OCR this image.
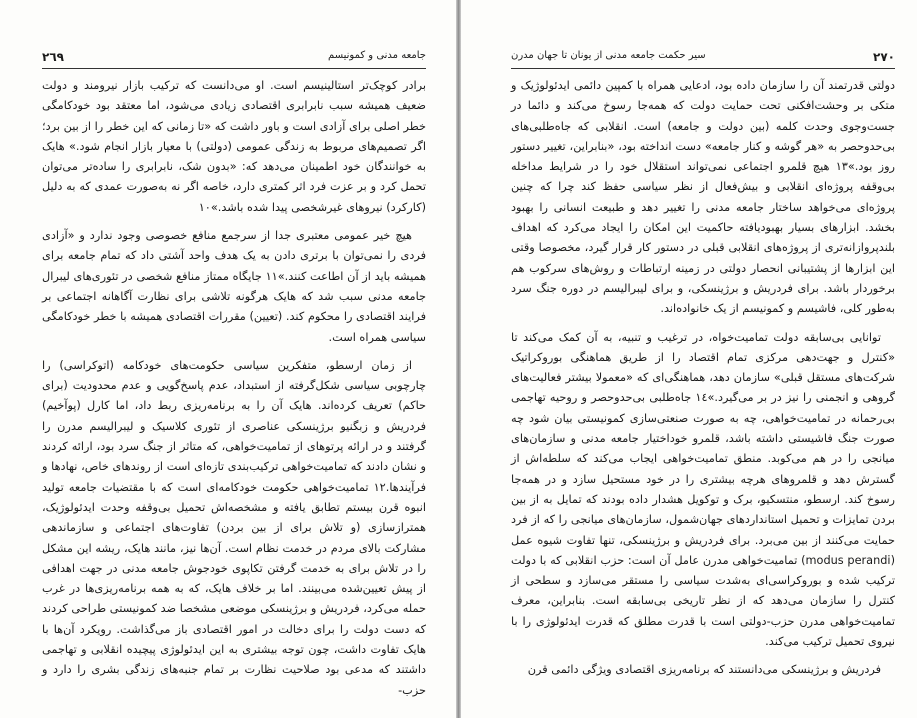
٢٦٩	جامعه مدنی و کمونیسم

برادر کوچک‌تر استالینیسم است. او می‌دانست که ترکیب بازار نیرومند و دولت ضعیف همیشه سبب نابرابری اقتصادی زیادی می‌شود، اما معتقد بود خودکامگی خطر اصلی برای آزادی است و باور داشت که «تا زمانی که این خطر را از بین برد؛ اگر تصمیم‌های مربوط به زندگی عمومی (دولتی) با معیار بازار انجام شود.» هایک به خوانندگان خود اطمینان می‌دهد که: «بدون شک، نابرابری را ساده‌تر می‌توان تحمل کرد و بر عزت فرد اثر کمتری دارد، خاصه اگر نه به‌صورت عمدی که به دلیل (کارکرد) نیروهای غیرشخصی پیدا شده باشد.»١٠

هیچ خیر عمومی معتبری جدا از سرجمع منافع خصوصی وجود ندارد و «آزادی فردی را نمی‌توان با برتری دادن به یک هدف واحد آشتی داد که تمام جامعه برای همیشه باید از آن اطاعت کنند.»١١ جایگاه ممتاز منافع شخصی در تئوری‌های لیبرال جامعه مدنی سبب شد که هایک هرگونه تلاشی برای نظارت آگاهانه اجتماعی بر فرایند اقتصادی را محکوم کند. (تعیین) مقررات اقتصادی همیشه با خطر خودکامگی سیاسی همراه است.

از زمان ارسطو، متفکرین سیاسی حکومت‌های خودکامه (اتوکراسی) را چارچوبی سیاسی شکل‌گرفته از استبداد، عدم پاسخ‌گویی و عدم محدودیت (برای حاکم) تعریف کرده‌اند. هایک آن را به برنامه‌ریزی ربط داد، اما کارل (پوآخیم) فردریش و زبگنیو برژینسکی عناصری از تئوری کلاسیک و لیبرالیسم مدرن را گرفتند و در ارائه پرتوهای از تمامیت‌خواهی، که متاثر از جنگ سرد بود، ارائه کردند و نشان دادند که تمامیت‌خواهی ترکیب‌بندی تازه‌ای است از روندهای خاص، نهادها و فرآیندها.١٢ تمامیت‌خواهی حکومت خودکامه‌ای است که با مقتضیات جامعه تولید انبوه قرن بیستم تطابق یافته و مشخصه‌اش تحمیل بی‌وقفه وحدت ایدئولوژیک، همترازسازی (و تلاش برای از بین بردن) تفاوت‌های اجتماعی و سازماندهی مشارکت بالای مردم در خدمت نظام است. آن‌ها نیز، مانند هایک، ریشه این مشکل را در تلاش برای به خدمت گرفتن تکاپوی خودجوش جامعه مدنی در جهت اهدافی از پیش تعیین‌شده می‌بینند. اما بر خلاف هایک، که به همه برنامه‌ریزی‌ها در غرب حمله می‌کرد، فردریش و برژینسکی موضعی مشخصا ضد کمونیستی طراحی کردند که دست دولت را برای دخالت در امور اقتصادی باز می‌گذاشت. رویکرد آن‌ها با هایک تفاوت داشت، چون توجه بیشتری به این ایدئولوژی پیچیده انقلابی و تهاجمی داشتند که مدعی بود صلاحیت نظارت بر تمام جنبه‌های زندگی بشری را دارد و حزب-

٢٧٠
سیر حکمت جامعه مدنی از یونان تا جهان مدرن

دولتی قدرتمند آن را سازمان داده بود، ادعایی همراه با کمپین دائمی ایدئولوژیک و متکی بر وحشت‌افکنی تحت حمایت دولت که همه‌جا رسوخ می‌کند و دائما در جست‌وجوی وحدت کلمه (بین دولت و جامعه) است. انقلابی که جاه‌طلبی‌های بی‌حدوحصر به «هر گوشه و کنار جامعه» دست انداخته بود، «بنابراین، تغییر دستور روز بود.»١٣ هیچ قلمرو اجتماعی نمی‌تواند استقلال خود را در شرایط مداخله بی‌وقفه پروژه‌ای انقلابی و بیش‌فعال از نظر سیاسی حفظ کند چرا که چنین پروژه‌ای می‌خواهد ساختار جامعه مدنی را تغییر دهد و طبیعت انسانی را بهبود بخشد. ابزارهای بسیار بهبودیافته حاکمیت این امکان را ایجاد می‌کرد که اهداف بلندپروازانه‌تری از پروژه‌های انقلابی قبلی در دستور کار قرار گیرد، مخصوصا وقتی این ابزارها از پشتیبانی انحصار دولتی در زمینه ارتباطات و روش‌های سرکوب هم برخوردار باشد. برای فردریش و برژینسکی، و برای لیبرالیسم در دوره جنگ سرد به‌طور کلی، فاشیسم و کمونیسم از یک خانواده‌اند.

توانایی بی‌سابقه دولت تمامیت‌خواه، در ترغیب و تنبیه، به آن کمک می‌کند تا «کنترل و جهت‌دهی مرکزی تمام اقتصاد را از طریق هماهنگی بوروکراتیک شرکت‌های مستقل قبلی» سازمان دهد، هماهنگی‌ای که «معمولا بیشتر فعالیت‌های گروهی و انجمنی را نیز در بر می‌گیرد.»١٤ جاه‌طلبی بی‌حدوحصر و روحیه تهاجمی بی‌رحمانه در تمامیت‌خواهی، چه به صورت صنعتی‌سازی کمونیستی بیان شود چه صورت جنگ فاشیستی داشته باشد، قلمرو خوداختیار جامعه مدنی و سازمان‌های میانجی را در هم می‌کوبد. منطق تمامیت‌خواهی ایجاب می‌کند که سلطه‌اش از گسترش دهد و قلمروهای هرچه بیشتری را در خود مستحیل سازد و در همه‌جا رسوخ کند. ارسطو، منتسکیو، برک و توکویل هشدار داده بودند که تمایل به از بین بردن تمایزات و تحمیل استانداردهای جهان‌شمول، سازمان‌های میانجی را که از فرد حمایت می‌کنند از بین می‌برد. برای فردریش و برژینسکی، تنها تفاوت شیوه عمل (modus perandi) تمامیت‌خواهی مدرن عامل آن است: حزب انقلابی که با دولت ترکیب شده و بوروکراسی‌ای به‌شدت سیاسی را مستقر می‌سازد و سطحی از کنترل را سازمان می‌دهد که از نظر تاریخی بی‌سابقه است. بنابراین، معرف تمامیت‌خواهی مدرن حزب-دولتی است با قدرت مطلق که قدرت ایدئولوژی را با نیروی تحمیل ترکیب می‌کند.

فردریش و برژینسکی می‌دانستند که برنامه‌ریزی اقتصادی ویژگی دائمی قرن
